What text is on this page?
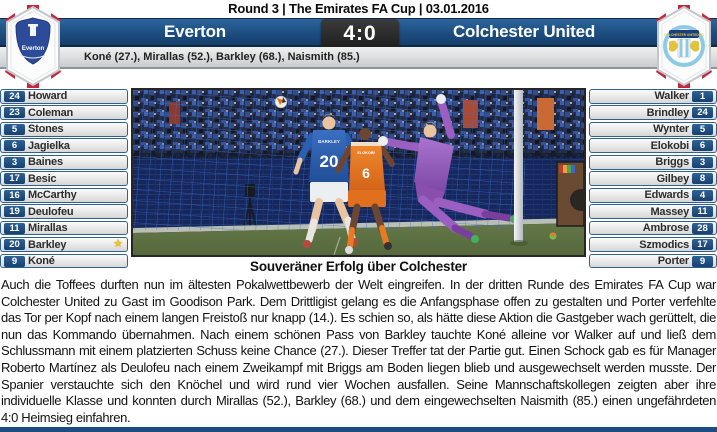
Round 3 | The Emirates FA Cup | 03.01.2016
Everton	Colchester United
4:0
Koné (27.), Mirallas (52.), Barkley (68.), Naismith (85.)
Everton
COLCHESTER UNITED FC
24 Howard
23 Coleman
5 Stones
6 Jagielka
3 Baines
17 Besic
16 McCarthy
19 Deulofeu
11 Mirallas
20 Barkley	★
9 Koné
Walker	1
Brindley 24
Wynter	5
Elokobi	6
Briggs	3
Gilbey	8
Edwards	4
Massey 11
Ambrose 28
Szmodics 17
Porter	9
BARKLEY
20	ELOKOBI
6
Souveräner Erfolg über Colchester
Auch die Toffees durften nun im ältesten Pokalwettbewerb der Welt eingreifen. In der dritten Runde des Emirates FA Cup war Colchester United zu Gast im Goodison Park. Dem Drittligist gelang es die Anfangsphase offen zu gestalten und Porter verfehlte das Tor per Kopf nach einem langen Freistoß nur knapp (14.). Es schien so, als hätte diese Aktion die Gastgeber wach gerüttelt, die nun das Kommando übernahmen. Nach einem schönen Pass von Barkley tauchte Koné alleine vor Walker auf und ließ dem Schlussmann mit einem platzierten Schuss keine Chance (27.). Dieser Treffer tat der Partie gut. Einen Schock gab es für Manager Roberto Martínez als Deulofeu nach einem Zweikampf mit Briggs am Boden liegen blieb und ausgewechselt werden musste. Der Spanier verstauchte sich den Knöchel und wird rund vier Wochen ausfallen. Seine Mannschaftskollegen zeigten aber ihre individuelle Klasse und konnten durch Mirallas (52.), Barkley (68.) und dem eingewechselten Naismith (85.) einen ungefährdeten 4:0 Heimsieg einfahren.
